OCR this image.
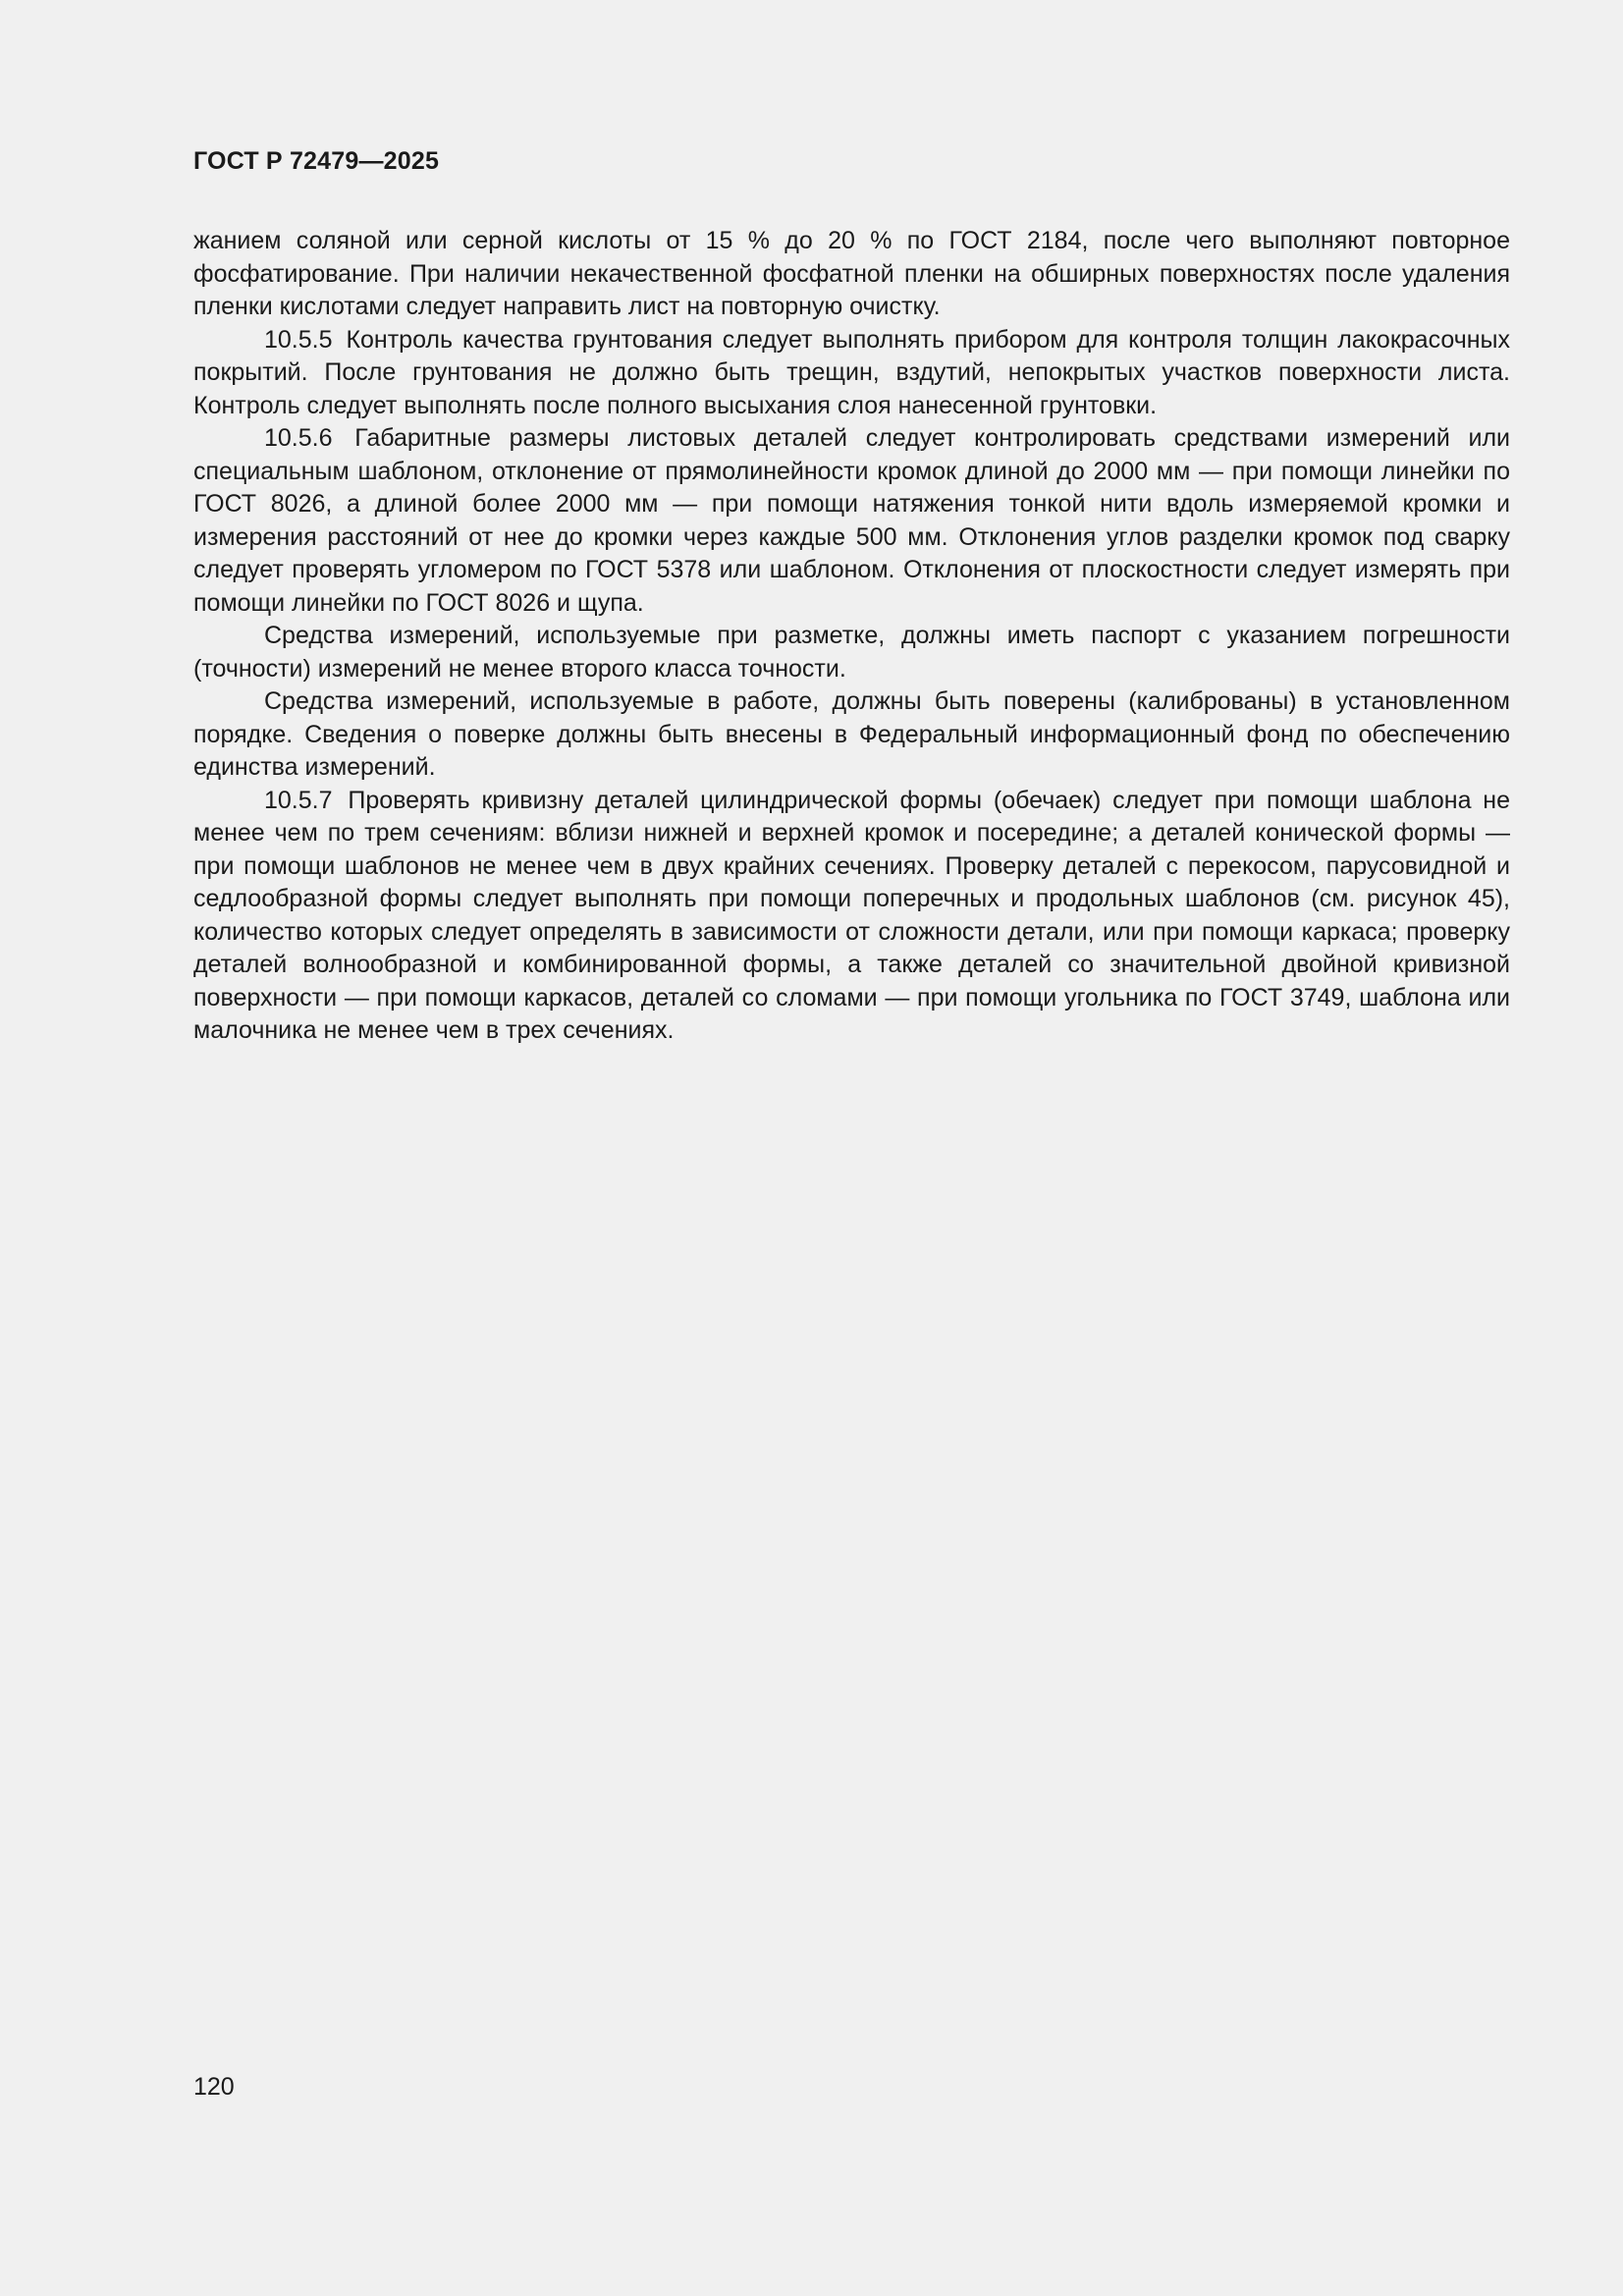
ГОСТ Р 72479—2025

жанием соляной или серной кислоты от 15 % до 20 % по ГОСТ 2184, после чего выполняют повторное фосфатирование. При наличии некачественной фосфатной пленки на обширных поверхностях после удаления пленки кислотами следует направить лист на повторную очистку.

10.5.5 Контроль качества грунтования следует выполнять прибором для контроля толщин лакокрасочных покрытий. После грунтования не должно быть трещин, вздутий, непокрытых участков поверхности листа. Контроль следует выполнять после полного высыхания слоя нанесенной грунтовки.

10.5.6 Габаритные размеры листовых деталей следует контролировать средствами измерений или специальным шаблоном, отклонение от прямолинейности кромок длиной до 2000 мм — при помощи линейки по ГОСТ 8026, а длиной более 2000 мм — при помощи натяжения тонкой нити вдоль измеряемой кромки и измерения расстояний от нее до кромки через каждые 500 мм. Отклонения углов разделки кромок под сварку следует проверять угломером по ГОСТ 5378 или шаблоном. Отклонения от плоскостности следует измерять при помощи линейки по ГОСТ 8026 и щупа.

Средства измерений, используемые при разметке, должны иметь паспорт с указанием погрешности (точности) измерений не менее второго класса точности.

Средства измерений, используемые в работе, должны быть поверены (калиброваны) в установленном порядке. Сведения о поверке должны быть внесены в Федеральный информационный фонд по обеспечению единства измерений.

10.5.7 Проверять кривизну деталей цилиндрической формы (обечаек) следует при помощи шаблона не менее чем по трем сечениям: вблизи нижней и верхней кромок и посередине; а деталей конической формы — при помощи шаблонов не менее чем в двух крайних сечениях. Проверку деталей с перекосом, парусовидной и седлообразной формы следует выполнять при помощи поперечных и продольных шаблонов (см. рисунок 45), количество которых следует определять в зависимости от сложности детали, или при помощи каркаса; проверку деталей волнообразной и комбинированной формы, а также деталей со значительной двойной кривизной поверхности — при помощи каркасов, деталей со сломами — при помощи угольника по ГОСТ 3749, шаблона или малочника не менее чем в трех сечениях.

120
